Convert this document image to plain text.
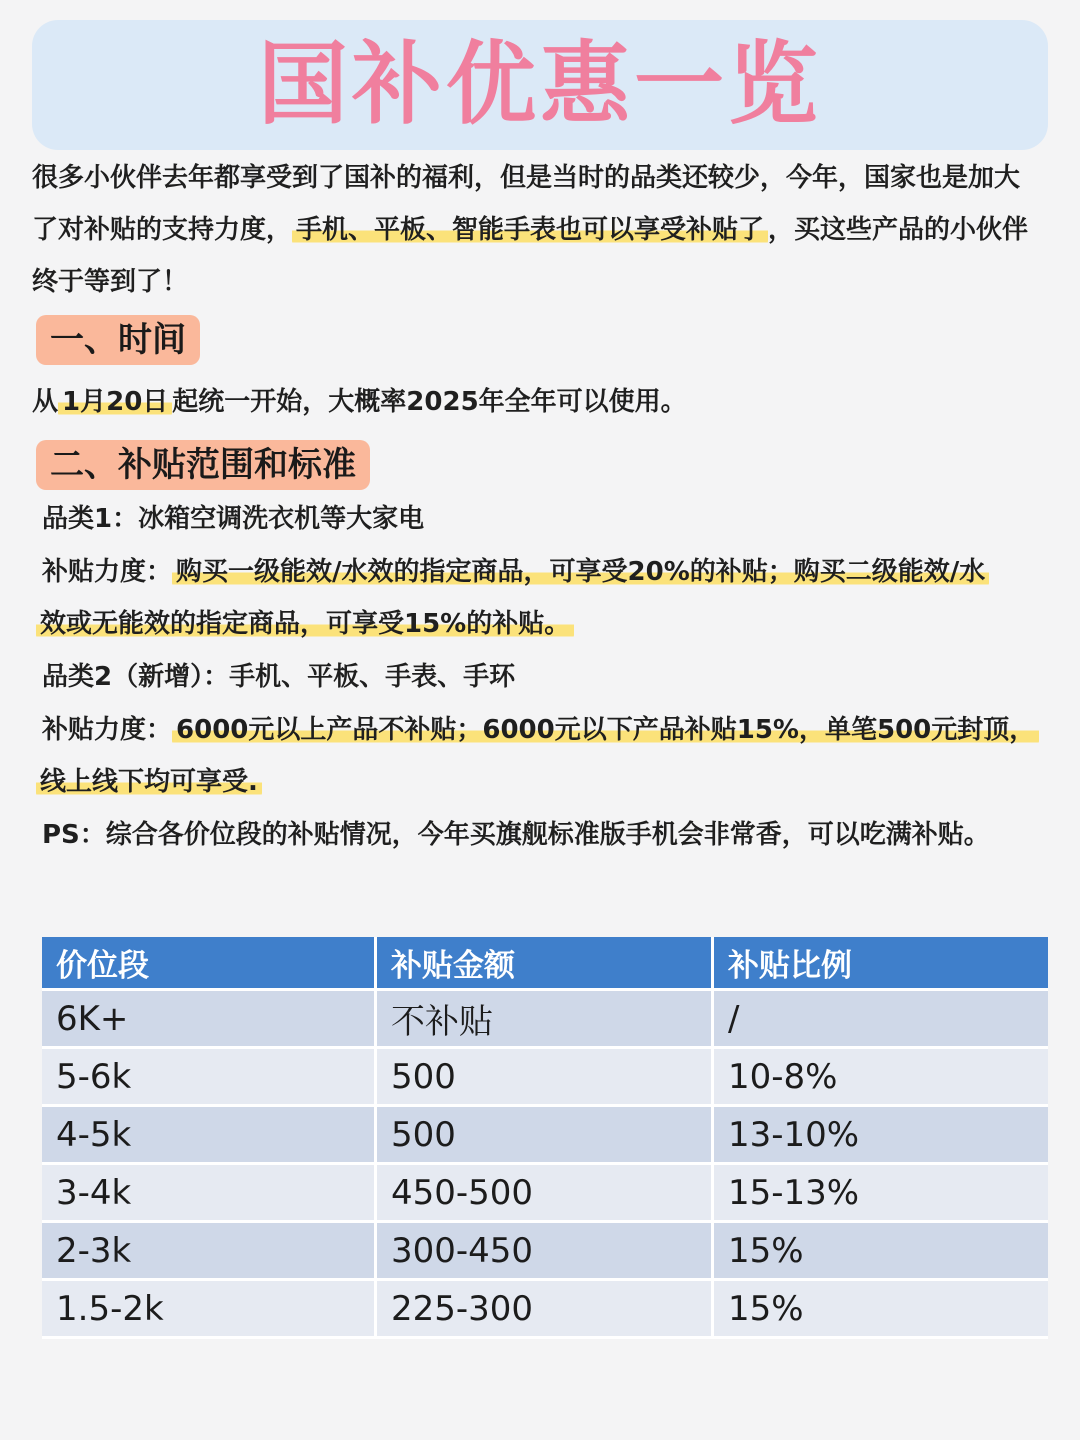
国补优惠一览
很多小伙伴去年都享受到了国补的福利，但是当时的品类还较少，今年，国家也是加大了对补贴的支持力度， 手机、平板、智能手表也可以享受补贴了 ，买这些产品的小伙伴终于等到了！
一、时间
从 1月20日 起统一开始，大概率2025年全年可以使用。
二、补贴范围和标准
品类1：冰箱空调洗衣机等大家电
补贴力度： 购买一级能效/水效的指定商品，可享受20%的补贴；购买二级能效/水
效或无能效的指定商品，可享受15%的补贴。
品类2（新增）：手机、平板、手表、手环
补贴力度： 6000元以上产品不补贴；6000元以下产品补贴15%，单笔500元封顶，
线上线下均可享受.
PS：综合各价位段的补贴情况，今年买旗舰标准版手机会非常香，可以吃满补贴。
价位段	补贴金额	补贴比例
6K+	不补贴	/
5-6k	500	10-8%
4-5k	500	13-10%
3-4k	450-500	15-13%
2-3k	300-450	15%
1.5-2k	225-300	15%
